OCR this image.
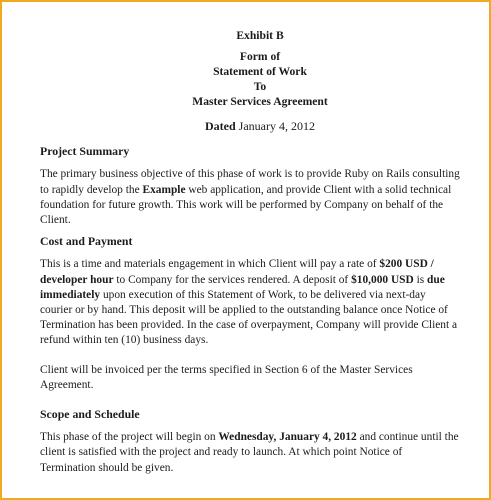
Exhibit B
Form of
Statement of Work
To
Master Services Agreement
Dated January 4, 2012
Project Summary

The primary business objective of this phase of work is to provide Ruby on Rails consulting to rapidly develop the Example web application, and provide Client with a solid technical foundation for future growth. This work will be performed by Company on behalf of the Client.

Cost and Payment

This is a time and materials engagement in which Client will pay a rate of $200 USD / developer hour to Company for the services rendered. A deposit of $10,000 USD is due immediately upon execution of this Statement of Work, to be delivered via next-day courier or by hand. This deposit will be applied to the outstanding balance once Notice of Termination has been provided. In the case of overpayment, Company will provide Client a refund within ten (10) business days.

Client will be invoiced per the terms specified in Section 6 of the Master Services Agreement.

Scope and Schedule

This phase of the project will begin on Wednesday, January 4, 2012 and continue until the client is satisfied with the project and ready to launch. At which point Notice of Termination should be given.
